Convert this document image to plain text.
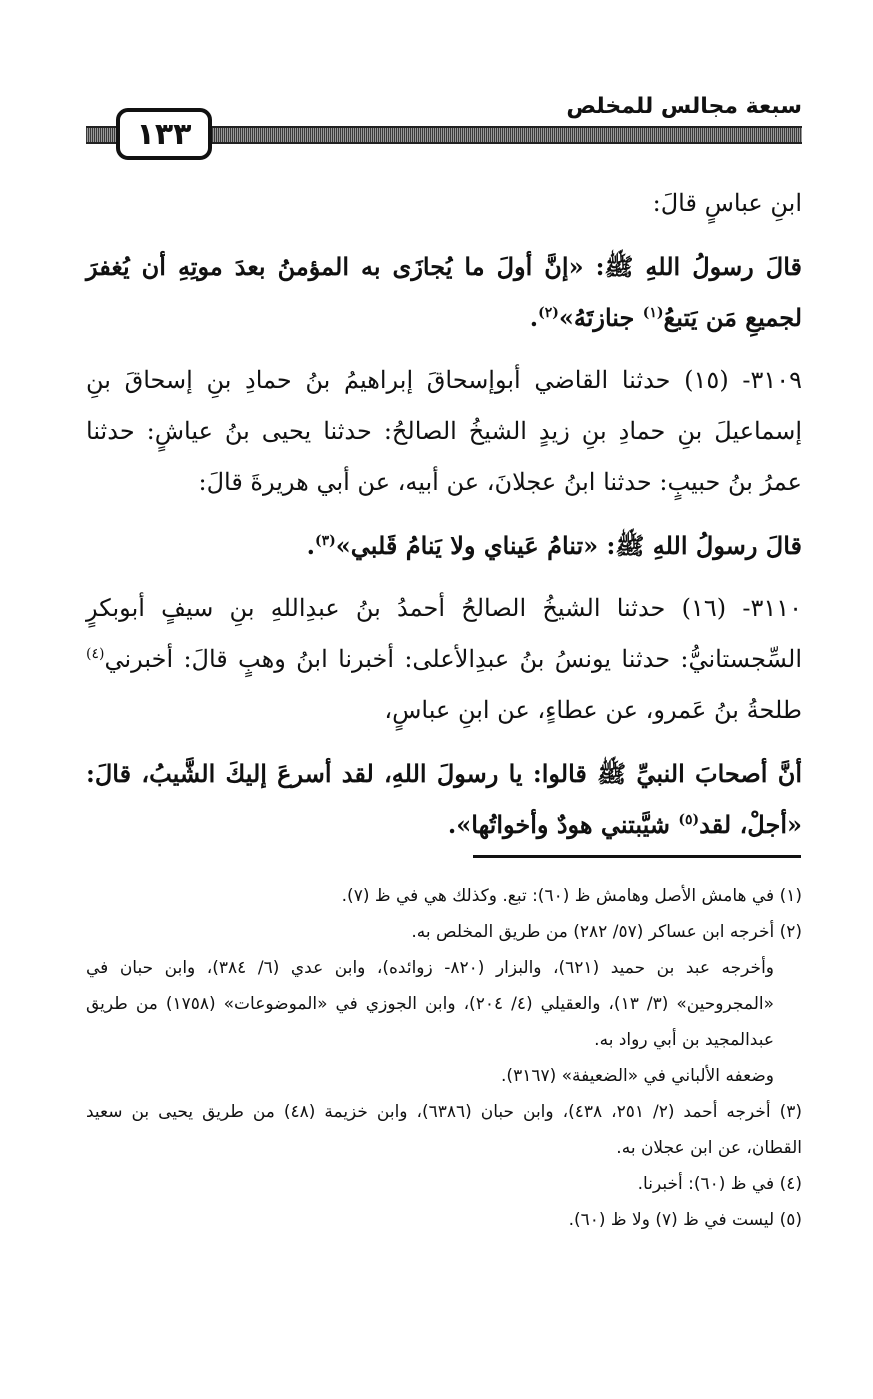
سبعة مجالس للمخلص
١٣٣

ابنِ عباسٍ قالَ:

قالَ رسولُ اللهِ ﷺ: «إنَّ أولَ ما يُجازَى به المؤمنُ بعدَ موتِهِ أن يُغفرَ لجميعِ مَن يَتبعُ$^{(١)}$ جنازتَهُ»$^{(٢)}$.

٣١٠٩- (١٥) حدثنا القاضي أبوإسحاقَ إبراهيمُ بنُ حمادِ بنِ إسحاقَ بنِ إسماعيلَ بنِ حمادِ بنِ زيدٍ الشيخُ الصالحُ: حدثنا يحيى بنُ عياشٍ: حدثنا عمرُ بنُ حبيبٍ: حدثنا ابنُ عجلانَ، عن أبيه، عن أبي هريرةَ قالَ:

قالَ رسولُ اللهِ ﷺ: «تنامُ عَيناي ولا يَنامُ قَلبي»$^{(٣)}$.

٣١١٠- (١٦) حدثنا الشيخُ الصالحُ أحمدُ بنُ عبدِاللهِ بنِ سيفٍ أبوبكرٍ السِّجستانيُّ: حدثنا يونسُ بنُ عبدِالأعلى: أخبرنا ابنُ وهبٍ قالَ: أخبرني$^{(٤)}$ طلحةُ بنُ عَمرو، عن عطاءٍ، عن ابنِ عباسٍ،

أنَّ أصحابَ النبيِّ ﷺ قالوا: يا رسولَ اللهِ، لقد أسرعَ إليكَ الشَّيبُ، قالَ: «أجلْ، لقد$^{(٥)}$ شيَّبتني هودٌ وأخواتُها».

(١) في هامش الأصل وهامش ظ (٦٠): تبع. وكذلك هي في ظ (٧).

(٢) أخرجه ابن عساكر (٥٧/ ٢٨٢) من طريق المخلص به.

وأخرجه عبد بن حميد (٦٢١)، والبزار (٨٢٠- زوائده)، وابن عدي (٦/ ٣٨٤)، وابن حبان في «المجروحين» (٣/ ١٣)، والعقيلي (٤/ ٢٠٤)، وابن الجوزي في «الموضوعات» (١٧٥٨) من طريق عبدالمجيد بن أبي رواد به.

وضعفه الألباني في «الضعيفة» (٣١٦٧).

(٣) أخرجه أحمد (٢/ ٢٥١، ٤٣٨)، وابن حبان (٦٣٨٦)، وابن خزيمة (٤٨) من طريق يحيى بن سعيد القطان، عن ابن عجلان به.

(٤) في ظ (٦٠): أخبرنا.

(٥) ليست في ظ (٧) ولا ظ (٦٠).
